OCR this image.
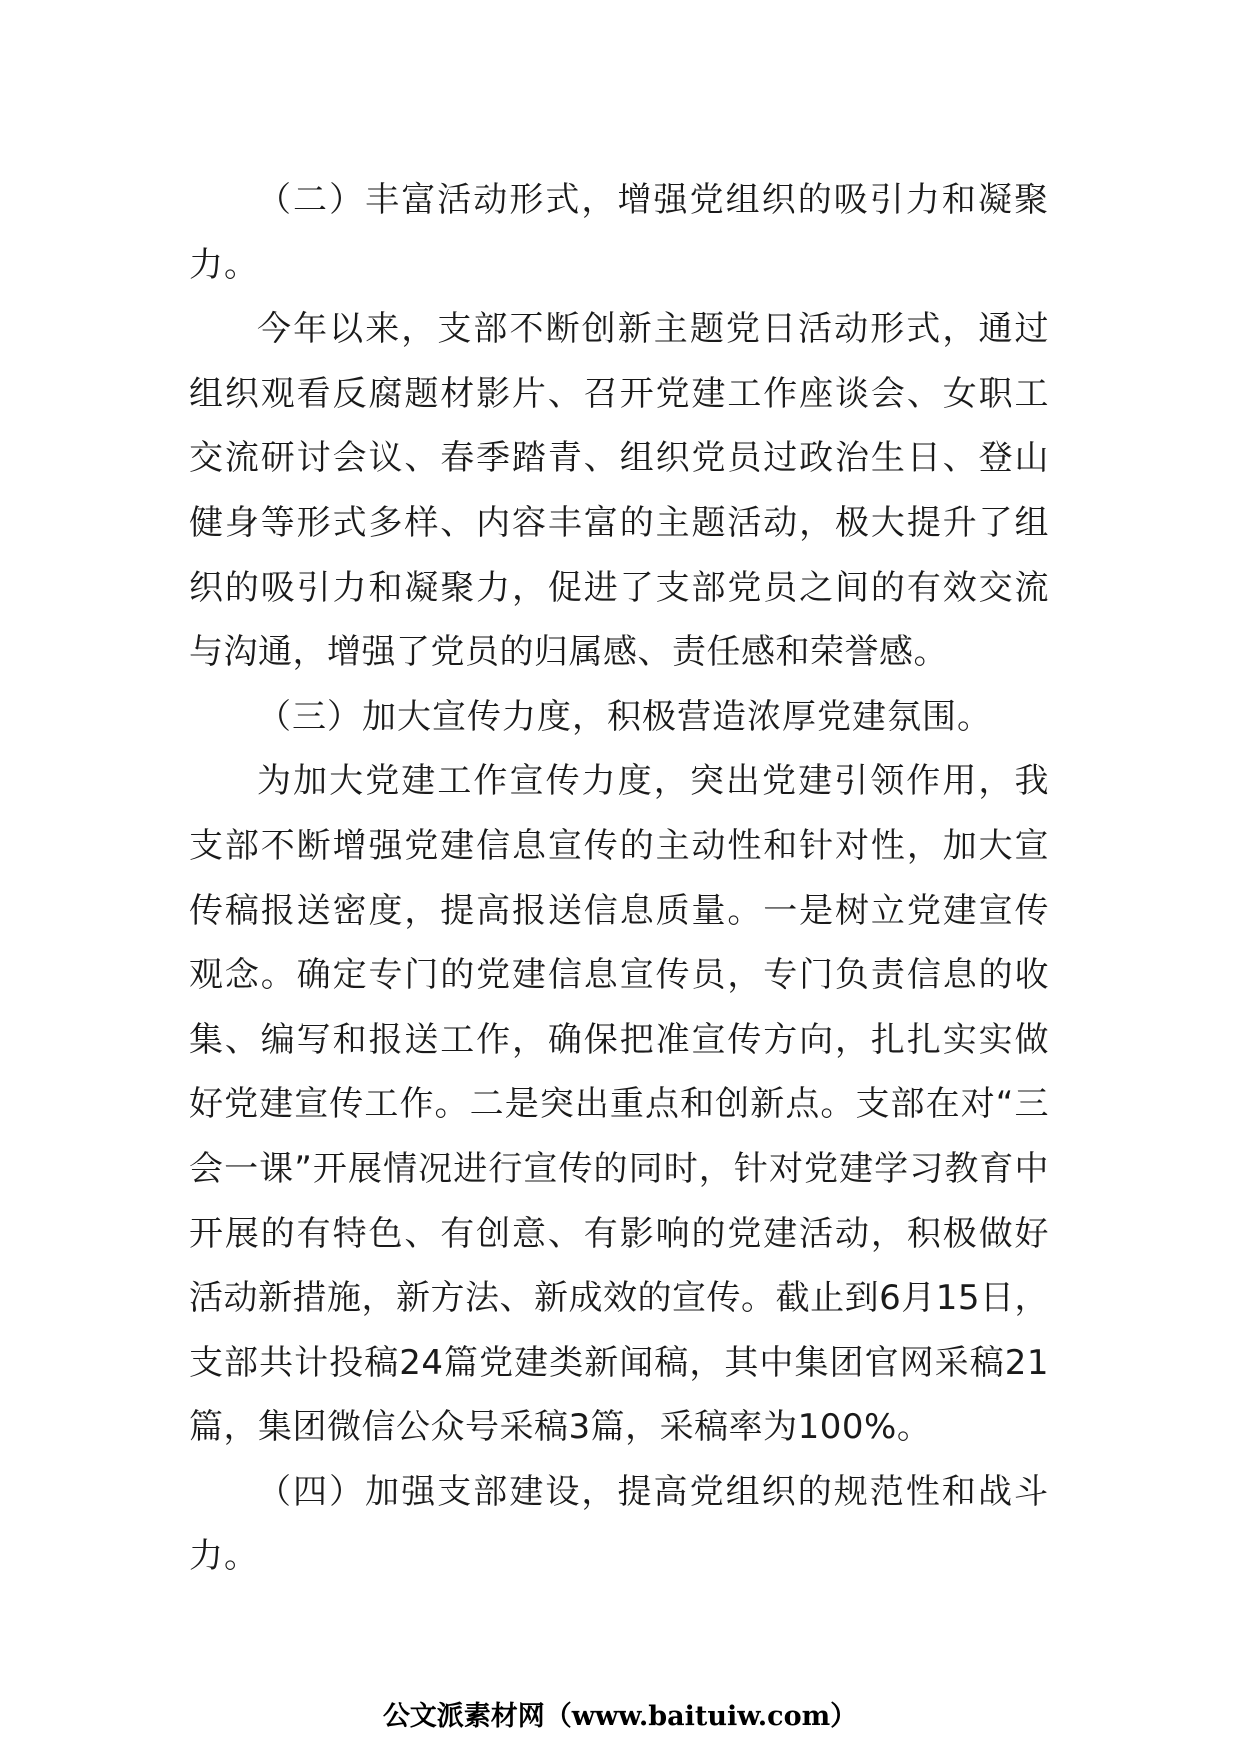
（二）丰富活动形式，增强党组织的吸引力和凝聚力。

今年以来，支部不断创新主题党日活动形式，通过组织观看反腐题材影片、召开党建工作座谈会、女职工交流研讨会议、春季踏青、组织党员过政治生日、登山健身等形式多样、内容丰富的主题活动，极大提升了组织的吸引力和凝聚力，促进了支部党员之间的有效交流与沟通，增强了党员的归属感、责任感和荣誉感。

（三）加大宣传力度，积极营造浓厚党建氛围。

为加大党建工作宣传力度，突出党建引领作用，我支部不断增强党建信息宣传的主动性和针对性，加大宣传稿报送密度，提高报送信息质量。一是树立党建宣传观念。确定专门的党建信息宣传员，专门负责信息的收集、编写和报送工作，确保把准宣传方向，扎扎实实做好党建宣传工作。二是突出重点和创新点。支部在对“三会一课”开展情况进行宣传的同时，针对党建学习教育中开展的有特色、有创意、有影响的党建活动，积极做好活动新措施，新方法、新成效的宣传。截止到6月15日，支部共计投稿24篇党建类新闻稿，其中集团官网采稿21篇，集团微信公众号采稿3篇，采稿率为100%。

（四）加强支部建设，提高党组织的规范性和战斗力。

公文派素材网（www.baituiw.com）
